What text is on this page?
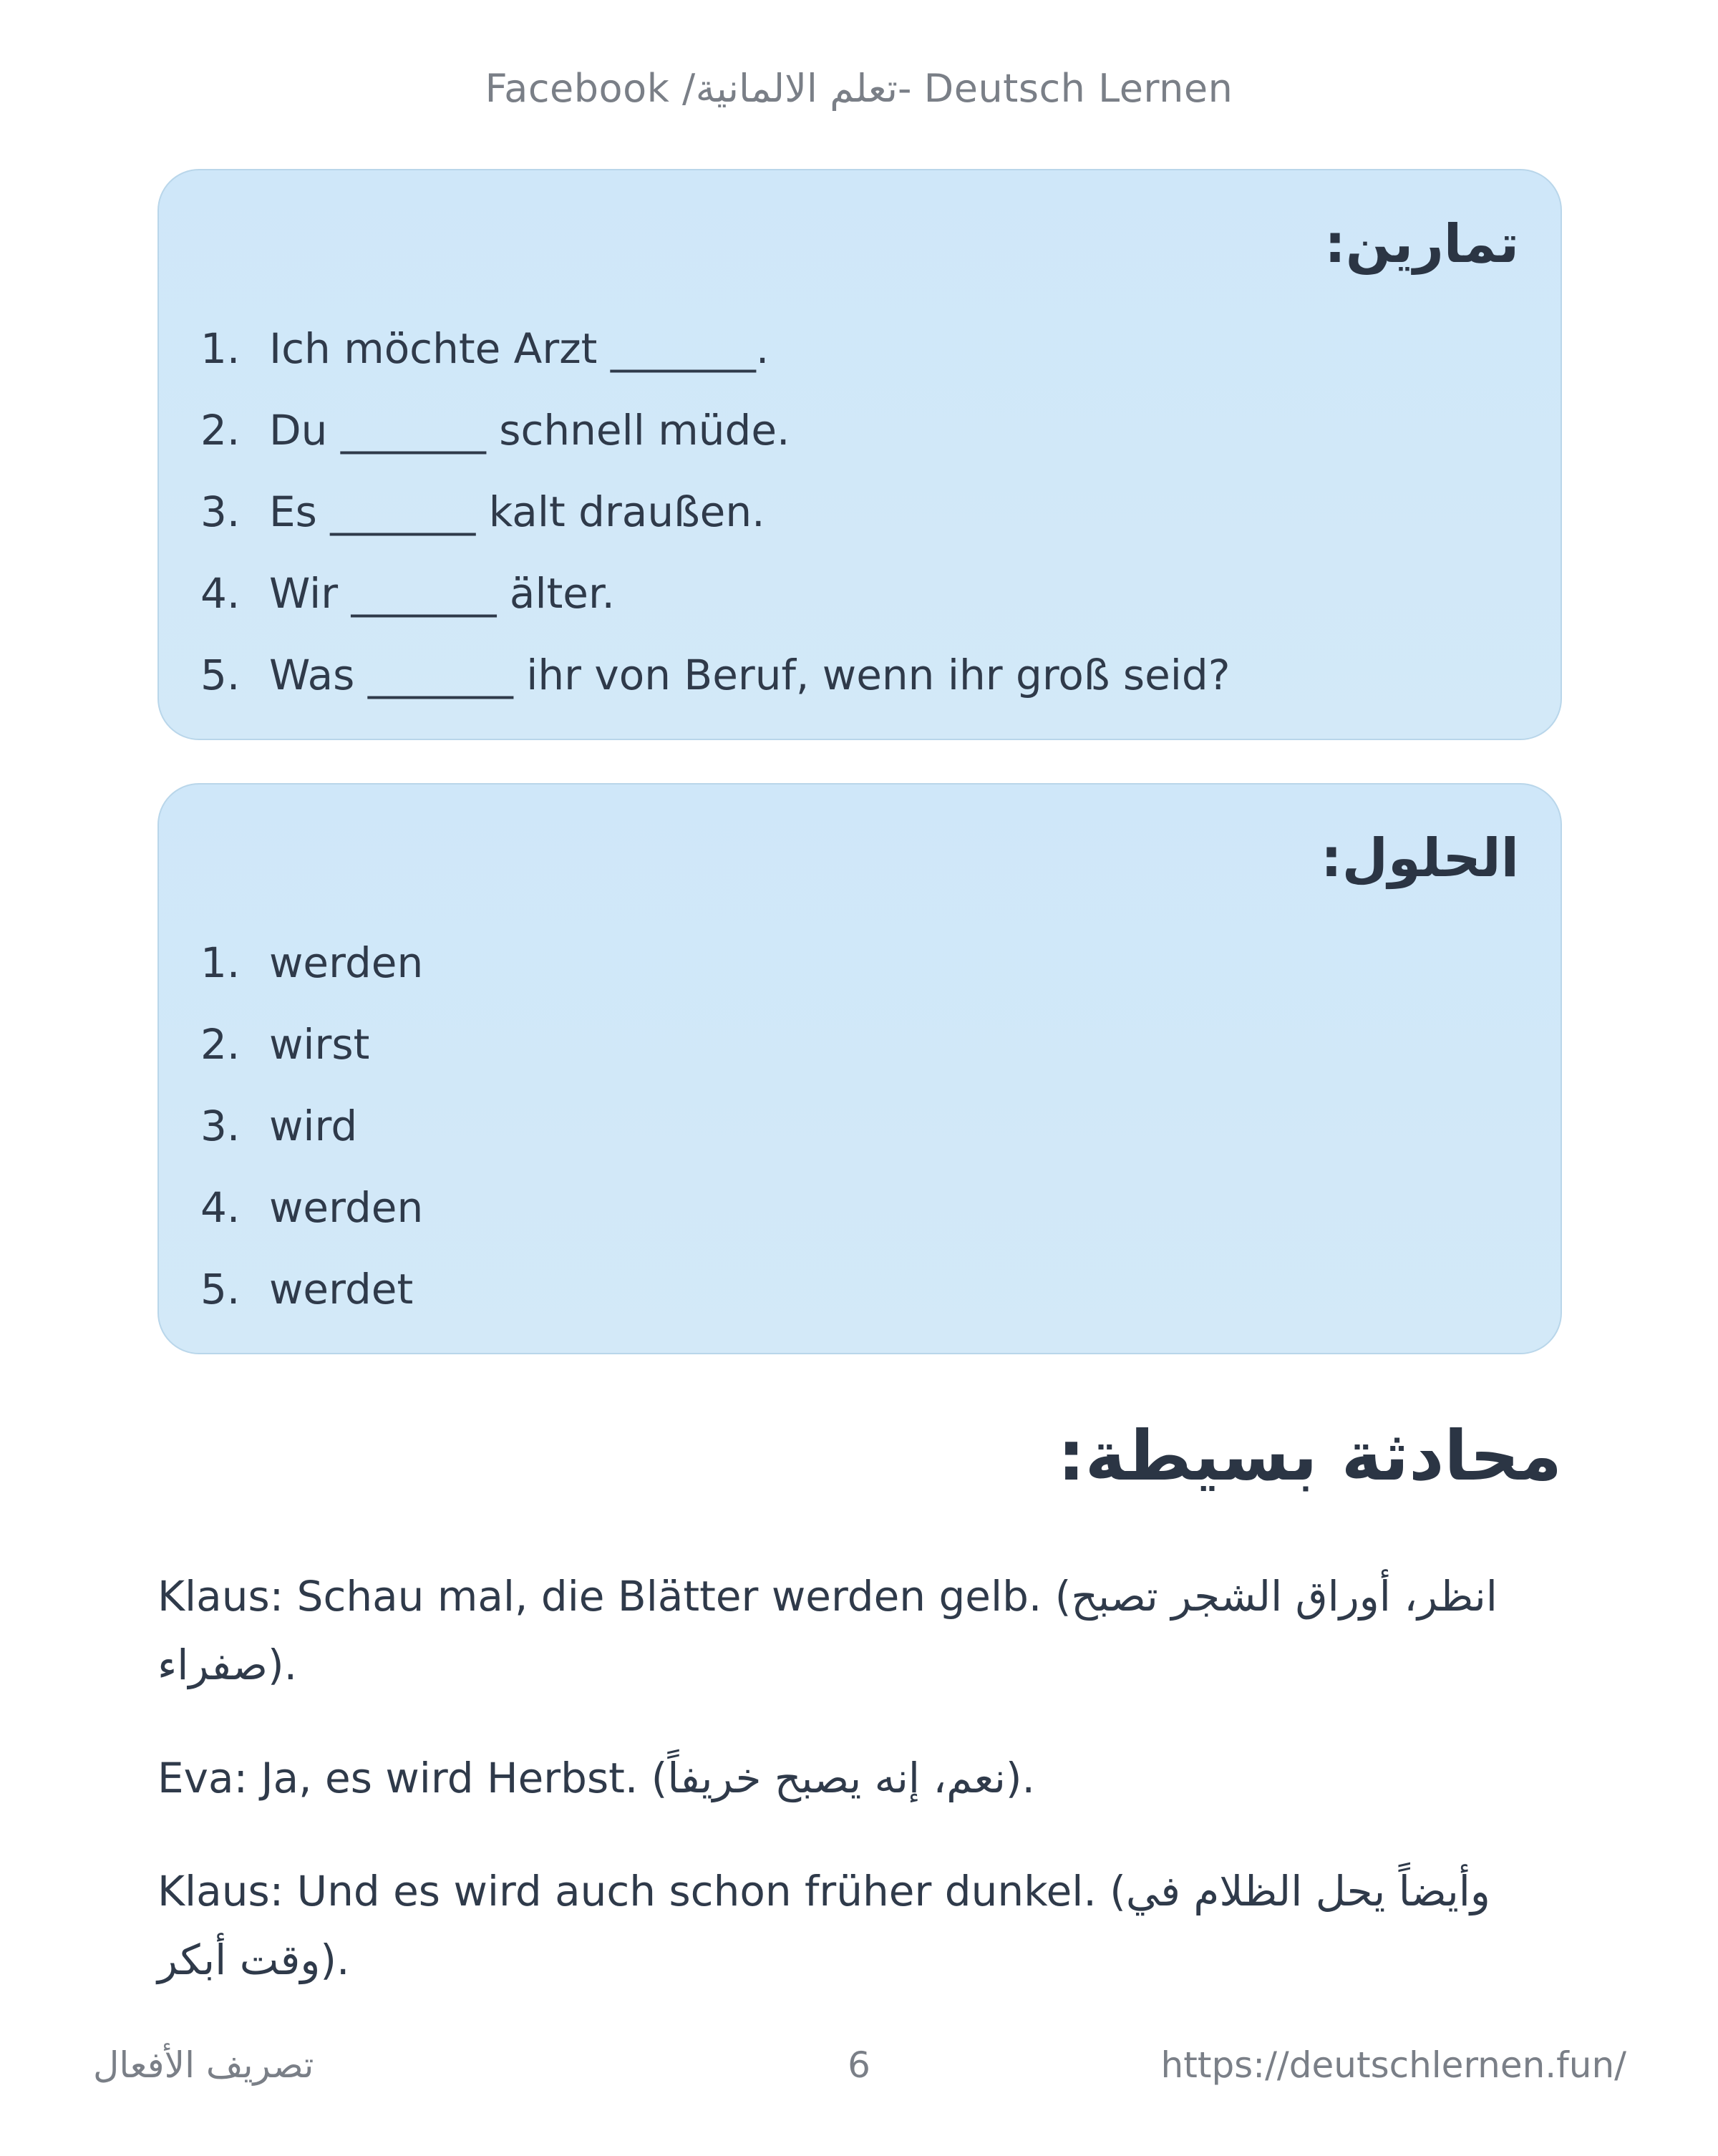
Facebook /تعلم الالمانية- Deutsch Lernen
تمارين:
1. Ich möchte Arzt _______.
2. Du _______ schnell müde.
3. Es _______ kalt draußen.
4. Wir _______ älter.
5. Was _______ ihr von Beruf, wenn ihr groß seid?
الحلول:
1. werden
2. wirst
3. wird
4. werden
5. werdet
محادثة بسيطة:

Klaus: Schau mal, die Blätter werden gelb. (انظر، أوراق الشجر تصبح صفراء).

Eva: Ja, es wird Herbst. (نعم، إنه يصبح خريفاً).

Klaus: Und es wird auch schon früher dunkel. (وأيضاً يحل الظلام في وقت أبكر).

تصريف الأفعال	6	https://deutschlernen.fun/
